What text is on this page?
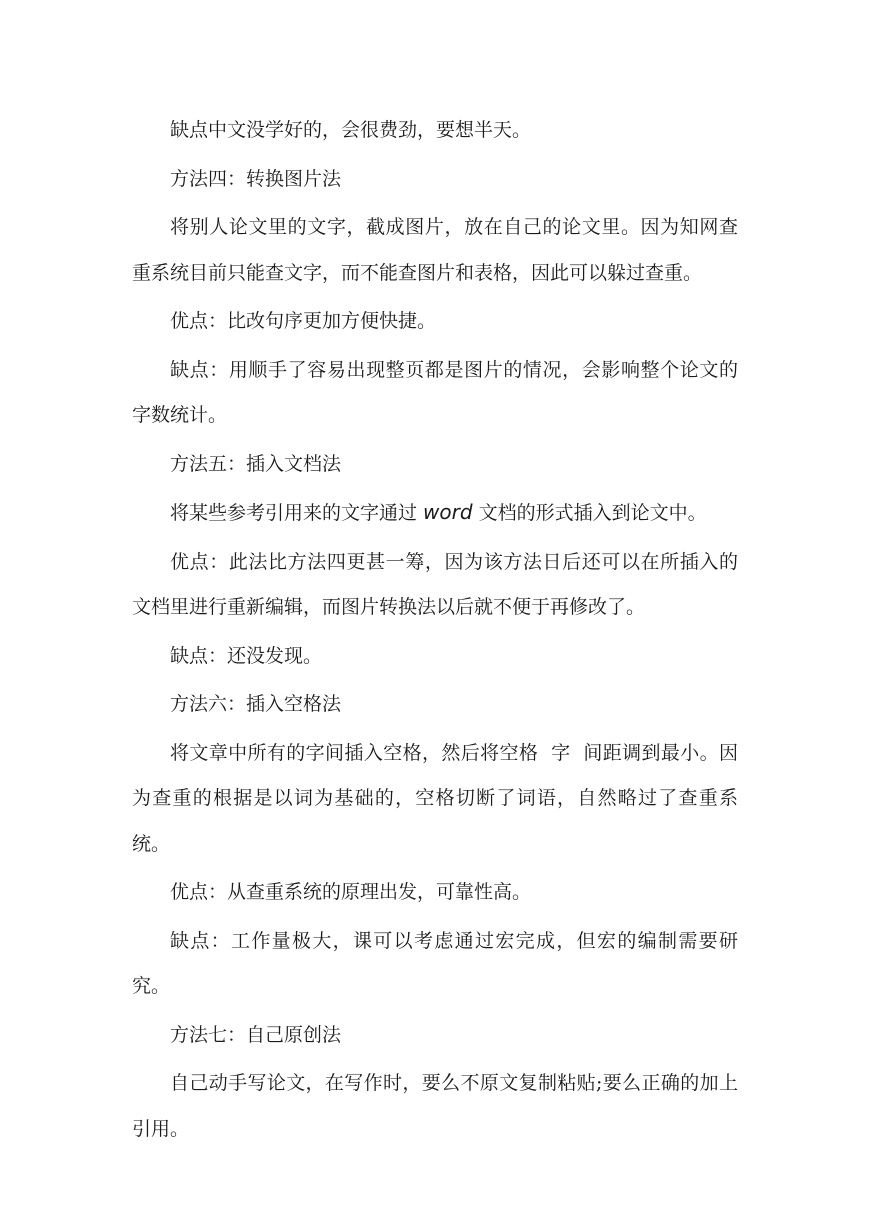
缺点中文没学好的，会很费劲，要想半天。

方法四：转换图片法

将别人论文里的文字，截成图片，放在自己的论文里。因为知网查重系统目前只能查文字，而不能查图片和表格，因此可以躲过查重。

优点：比改句序更加方便快捷。

缺点：用顺手了容易出现整页都是图片的情况，会影响整个论文的字数统计。

方法五：插入文档法

将某些参考引用来的文字通过 word 文档的形式插入到论文中。

优点：此法比方法四更甚一筹，因为该方法日后还可以在所插入的文档里进行重新编辑，而图片转换法以后就不便于再修改了。

缺点：还没发现。

方法六：插入空格法

将文章中所有的字间插入空格，然后将空格  字  间距调到最小。因为查重的根据是以词为基础的，空格切断了词语，自然略过了查重系统。

优点：从查重系统的原理出发，可靠性高。

缺点：工作量极大，课可以考虑通过宏完成，但宏的编制需要研究。

方法七：自己原创法

自己动手写论文，在写作时，要么不原文复制粘贴;要么正确的加上引用。
